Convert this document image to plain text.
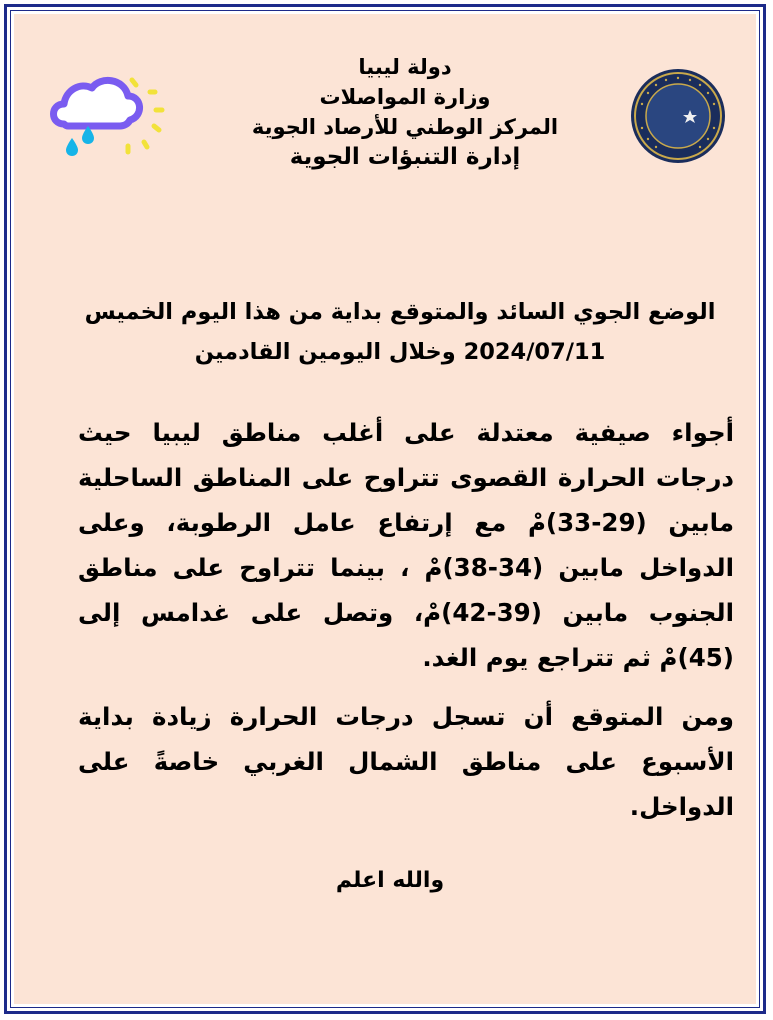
دولة ليبيا
وزارة المواصلات
المركز الوطني للأرصاد الجوية
إدارة التنبؤات الجوية
الوضع الجوي السائد والمتوقع بداية من هذا اليوم الخميس
2024/07/11 وخلال اليومين القادمين

أجواء صيفية معتدلة على أغلب مناطق ليبيا حيث درجات الحرارة القصوى تتراوح على المناطق الساحلية مابين (29-33)مْ مع إرتفاع عامل الرطوبة، وعلى الدواخل مابين (34-38)مْ ، بينما تتراوح على مناطق الجنوب مابين (39-42)مْ، وتصل على غدامس إلى (45)مْ ثم تتراجع يوم الغد.

ومن المتوقع أن تسجل درجات الحرارة زيادة بداية الأسبوع على مناطق الشمال الغربي خاصةً على الدواخل.

والله اعلم
